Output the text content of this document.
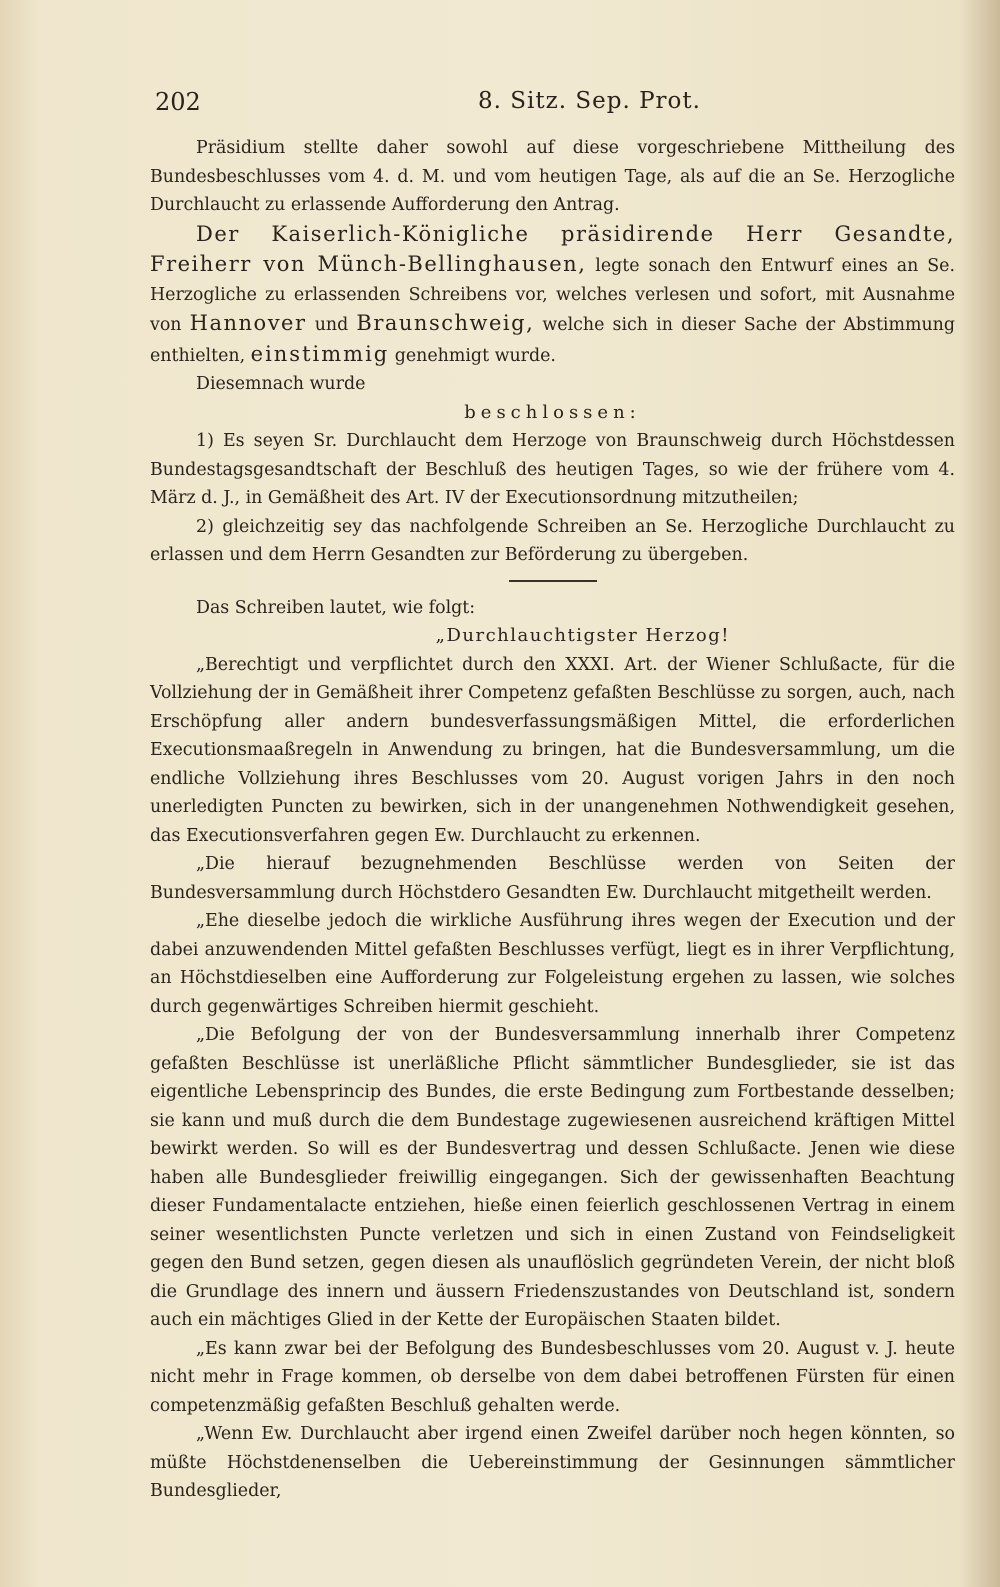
202	8. Sitz. Sep. Prot.

Präsidium stellte daher sowohl auf diese vorgeschriebene Mittheilung des Bundesbeschlusses vom 4. d. M. und vom heutigen Tage, als auf die an Se. Herzogliche Durchlaucht zu erlassende Aufforderung den Antrag.

Der Kaiserlich-Königliche präsidirende Herr Gesandte, Freiherr von Münch-Bellinghausen, legte sonach den Entwurf eines an Se. Herzogliche zu erlassenden Schreibens vor, welches verlesen und sofort, mit Ausnahme von Hannover und Braunschweig, welche sich in dieser Sache der Abstimmung enthielten, einstimmig genehmigt wurde.

Diesemnach wurde

beschlossen:

1) Es seyen Sr. Durchlaucht dem Herzoge von Braunschweig durch Höchstdessen Bundestagsgesandtschaft der Beschluß des heutigen Tages, so wie der frühere vom 4. März d. J., in Gemäßheit des Art. IV der Executionsordnung mitzutheilen;

2) gleichzeitig sey das nachfolgende Schreiben an Se. Herzogliche Durchlaucht zu erlassen und dem Herrn Gesandten zur Beförderung zu übergeben.

Das Schreiben lautet, wie folgt:

„Durchlauchtigster Herzog!

„Berechtigt und verpflichtet durch den XXXI. Art. der Wiener Schlußacte, für die Vollziehung der in Gemäßheit ihrer Competenz gefaßten Beschlüsse zu sorgen, auch, nach Erschöpfung aller andern bundesverfassungsmäßigen Mittel, die erforderlichen Executionsmaaßregeln in Anwendung zu bringen, hat die Bundesversammlung, um die endliche Vollziehung ihres Beschlusses vom 20. August vorigen Jahrs in den noch unerledigten Puncten zu bewirken, sich in der unangenehmen Nothwendigkeit gesehen, das Executionsverfahren gegen Ew. Durchlaucht zu erkennen.

„Die hierauf bezugnehmenden Beschlüsse werden von Seiten der Bundesversammlung durch Höchstdero Gesandten Ew. Durchlaucht mitgetheilt werden.

„Ehe dieselbe jedoch die wirkliche Ausführung ihres wegen der Execution und der dabei anzuwendenden Mittel gefaßten Beschlusses verfügt, liegt es in ihrer Verpflichtung, an Höchstdieselben eine Aufforderung zur Folgeleistung ergehen zu lassen, wie solches durch gegenwärtiges Schreiben hiermit geschieht.

„Die Befolgung der von der Bundesversammlung innerhalb ihrer Competenz gefaßten Beschlüsse ist unerläßliche Pflicht sämmtlicher Bundesglieder, sie ist das eigentliche Lebensprincip des Bundes, die erste Bedingung zum Fortbestande desselben; sie kann und muß durch die dem Bundestage zugewiesenen ausreichend kräftigen Mittel bewirkt werden. So will es der Bundesvertrag und dessen Schlußacte. Jenen wie diese haben alle Bundesglieder freiwillig eingegangen. Sich der gewissenhaften Beachtung dieser Fundamentalacte entziehen, hieße einen feierlich geschlossenen Vertrag in einem seiner wesentlichsten Puncte verletzen und sich in einen Zustand von Feindseligkeit gegen den Bund setzen, gegen diesen als unauflöslich gegründeten Verein, der nicht bloß die Grundlage des innern und äussern Friedenszustandes von Deutschland ist, sondern auch ein mächtiges Glied in der Kette der Europäischen Staaten bildet.

„Es kann zwar bei der Befolgung des Bundesbeschlusses vom 20. August v. J. heute nicht mehr in Frage kommen, ob derselbe von dem dabei betroffenen Fürsten für einen competenzmäßig gefaßten Beschluß gehalten werde.

„Wenn Ew. Durchlaucht aber irgend einen Zweifel darüber noch hegen könnten, so müßte Höchstdenenselben die Uebereinstimmung der Gesinnungen sämmtlicher Bundesglieder,
